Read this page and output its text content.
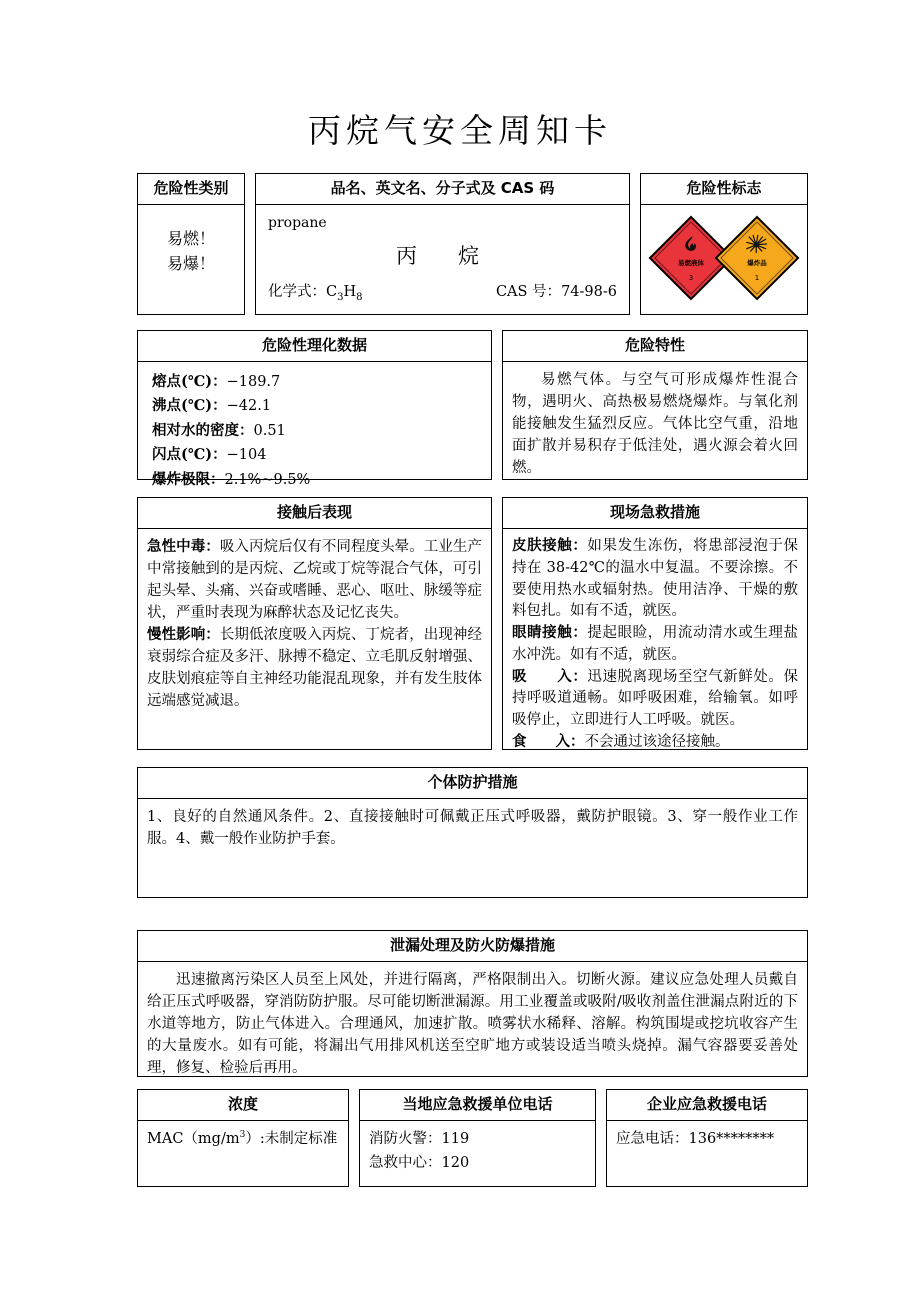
丙烷气安全周知卡
危险性类别

易燃！

易爆！

品名、英文名、分子式及 CAS 码
propane
丙　烷
化学式：$C_3H_8$	CAS 号：74-98-6
危险性标志
易燃液体
3
爆炸品
1
危险性理化数据

熔点(℃)：−189.7

沸点(℃)：−42.1

相对水的密度：0.51

闪点(℃)：−104

爆炸极限：2.1%~9.5%

危险特性

易燃气体。与空气可形成爆炸性混合物，遇明火、高热极易燃烧爆炸。与氧化剂能接触发生猛烈反应。气体比空气重，沿地面扩散并易积存于低洼处，遇火源会着火回燃。

接触后表现

急性中毒：吸入丙烷后仅有不同程度头晕。工业生产中常接触到的是丙烷、乙烷或丁烷等混合气体，可引起头晕、头痛、兴奋或嗜睡、恶心、呕吐、脉缓等症状，严重时表现为麻醉状态及记忆丧失。

慢性影响：长期低浓度吸入丙烷、丁烷者，出现神经衰弱综合症及多汗、脉搏不稳定、立毛肌反射增强、皮肤划痕症等自主神经功能混乱现象，并有发生肢体远端感觉减退。

现场急救措施

皮肤接触：如果发生冻伤，将患部浸泡于保持在 38-42℃的温水中复温。不要涂擦。不要使用热水或辐射热。使用洁净、干燥的敷料包扎。如有不适，就医。

眼睛接触：提起眼睑，用流动清水或生理盐水冲洗。如有不适，就医。

吸　　入：迅速脱离现场至空气新鲜处。保持呼吸道通畅。如呼吸困难，给输氧。如呼吸停止，立即进行人工呼吸。就医。

食　　入：不会通过该途径接触。

个体防护措施

1、良好的自然通风条件。2、直接接触时可佩戴正压式呼吸器，戴防护眼镜。3、穿一般作业工作服。4、戴一般作业防护手套。

泄漏处理及防火防爆措施

迅速撤离污染区人员至上风处，并进行隔离，严格限制出入。切断火源。建议应急处理人员戴自给正压式呼吸器，穿消防防护服。尽可能切断泄漏源。用工业覆盖或吸附/吸收剂盖住泄漏点附近的下水道等地方，防止气体进入。合理通风，加速扩散。喷雾状水稀释、溶解。构筑围堤或挖坑收容产生的大量废水。如有可能，将漏出气用排风机送至空旷地方或装设适当喷头烧掉。漏气容器要妥善处理，修复、检验后再用。

浓度

$MAC(mg/m^3)$:未制定标准

当地应急救援单位电话

消防火警：119

急救中心：120

企业应急救援电话

应急电话：136********
